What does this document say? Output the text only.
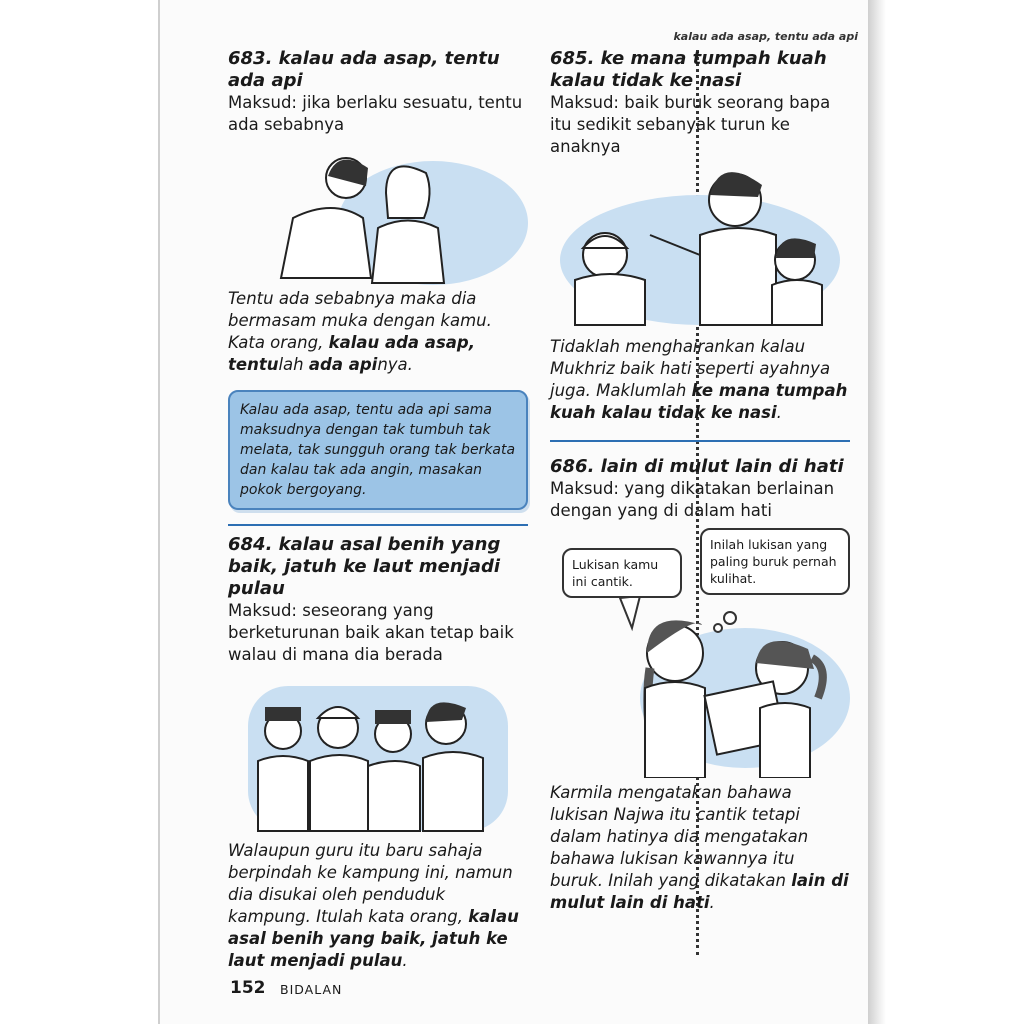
kalau ada asap, tentu ada api

683. kalau ada asap, tentu ada api

Maksud: jika berlaku sesuatu, tentu ada sebabnya

Tentu ada sebabnya maka dia
bermasam muka dengan kamu.
Kata orang, kalau ada asap,
tentulah ada apinya.

Kalau ada asap, tentu ada api sama maksudnya dengan tak tumbuh tak melata, tak sungguh orang tak berkata dan kalau tak ada angin, masakan pokok bergoyang.

684. kalau asal benih yang baik, jatuh ke laut menjadi pulau

Maksud: seseorang yang berketurunan baik akan tetap baik walau di mana dia berada

Walaupun guru itu baru sahaja berpindah ke kampung ini, namun dia disukai oleh penduduk kampung. Itulah kata orang, kalau asal benih yang baik, jatuh ke laut menjadi pulau.

685. ke mana tumpah kuah kalau tidak ke nasi

Maksud: baik buruk seorang bapa itu sedikit sebanyak turun ke anaknya

Tidaklah menghairankan kalau Mukhriz baik hati seperti ayahnya juga. Maklumlah ke mana tumpah kuah kalau tidak ke nasi.

686. lain di mulut lain di hati

Maksud: yang dikatakan berlainan dengan yang di dalam hati

Lukisan kamu ini cantik.
Inilah lukisan yang paling buruk pernah kulihat.

Karmila mengatakan bahawa lukisan Najwa itu cantik tetapi dalam hatinya dia mengatakan bahawa lukisan kawannya itu buruk. Inilah yang dikatakan lain di mulut lain di hati.

152 BIDALAN
